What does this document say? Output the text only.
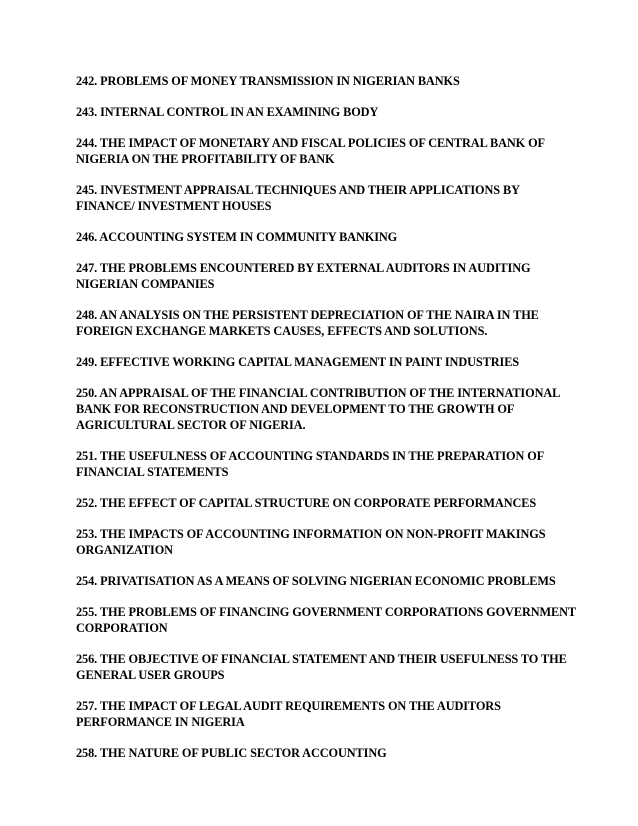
242. PROBLEMS OF MONEY TRANSMISSION IN NIGERIAN BANKS
243. INTERNAL CONTROL IN AN EXAMINING BODY
244. THE IMPACT OF MONETARY AND FISCAL POLICIES OF CENTRAL BANK OF NIGERIA ON THE PROFITABILITY OF BANK
245. INVESTMENT APPRAISAL TECHNIQUES AND THEIR APPLICATIONS BY FINANCE/ INVESTMENT HOUSES
246. ACCOUNTING SYSTEM IN COMMUNITY BANKING
247. THE PROBLEMS ENCOUNTERED BY EXTERNAL AUDITORS IN AUDITING NIGERIAN COMPANIES
248. AN ANALYSIS ON THE PERSISTENT DEPRECIATION OF THE NAIRA IN THE FOREIGN EXCHANGE MARKETS CAUSES, EFFECTS AND SOLUTIONS.
249. EFFECTIVE WORKING CAPITAL MANAGEMENT IN PAINT INDUSTRIES
250. AN APPRAISAL OF THE FINANCIAL CONTRIBUTION OF THE INTERNATIONAL BANK FOR RECONSTRUCTION AND DEVELOPMENT TO THE GROWTH OF AGRICULTURAL SECTOR OF NIGERIA.
251. THE USEFULNESS OF ACCOUNTING STANDARDS IN THE PREPARATION OF FINANCIAL STATEMENTS
252. THE EFFECT OF CAPITAL STRUCTURE ON CORPORATE PERFORMANCES
253. THE IMPACTS OF ACCOUNTING INFORMATION ON NON-PROFIT MAKINGS ORGANIZATION
254. PRIVATISATION AS A MEANS OF SOLVING NIGERIAN ECONOMIC PROBLEMS
255. THE PROBLEMS OF FINANCING GOVERNMENT CORPORATIONS GOVERNMENT CORPORATION
256. THE OBJECTIVE OF FINANCIAL STATEMENT AND THEIR USEFULNESS TO THE GENERAL USER GROUPS
257. THE IMPACT OF LEGAL AUDIT REQUIREMENTS ON THE AUDITORS PERFORMANCE IN NIGERIA
258. THE NATURE OF PUBLIC SECTOR ACCOUNTING
